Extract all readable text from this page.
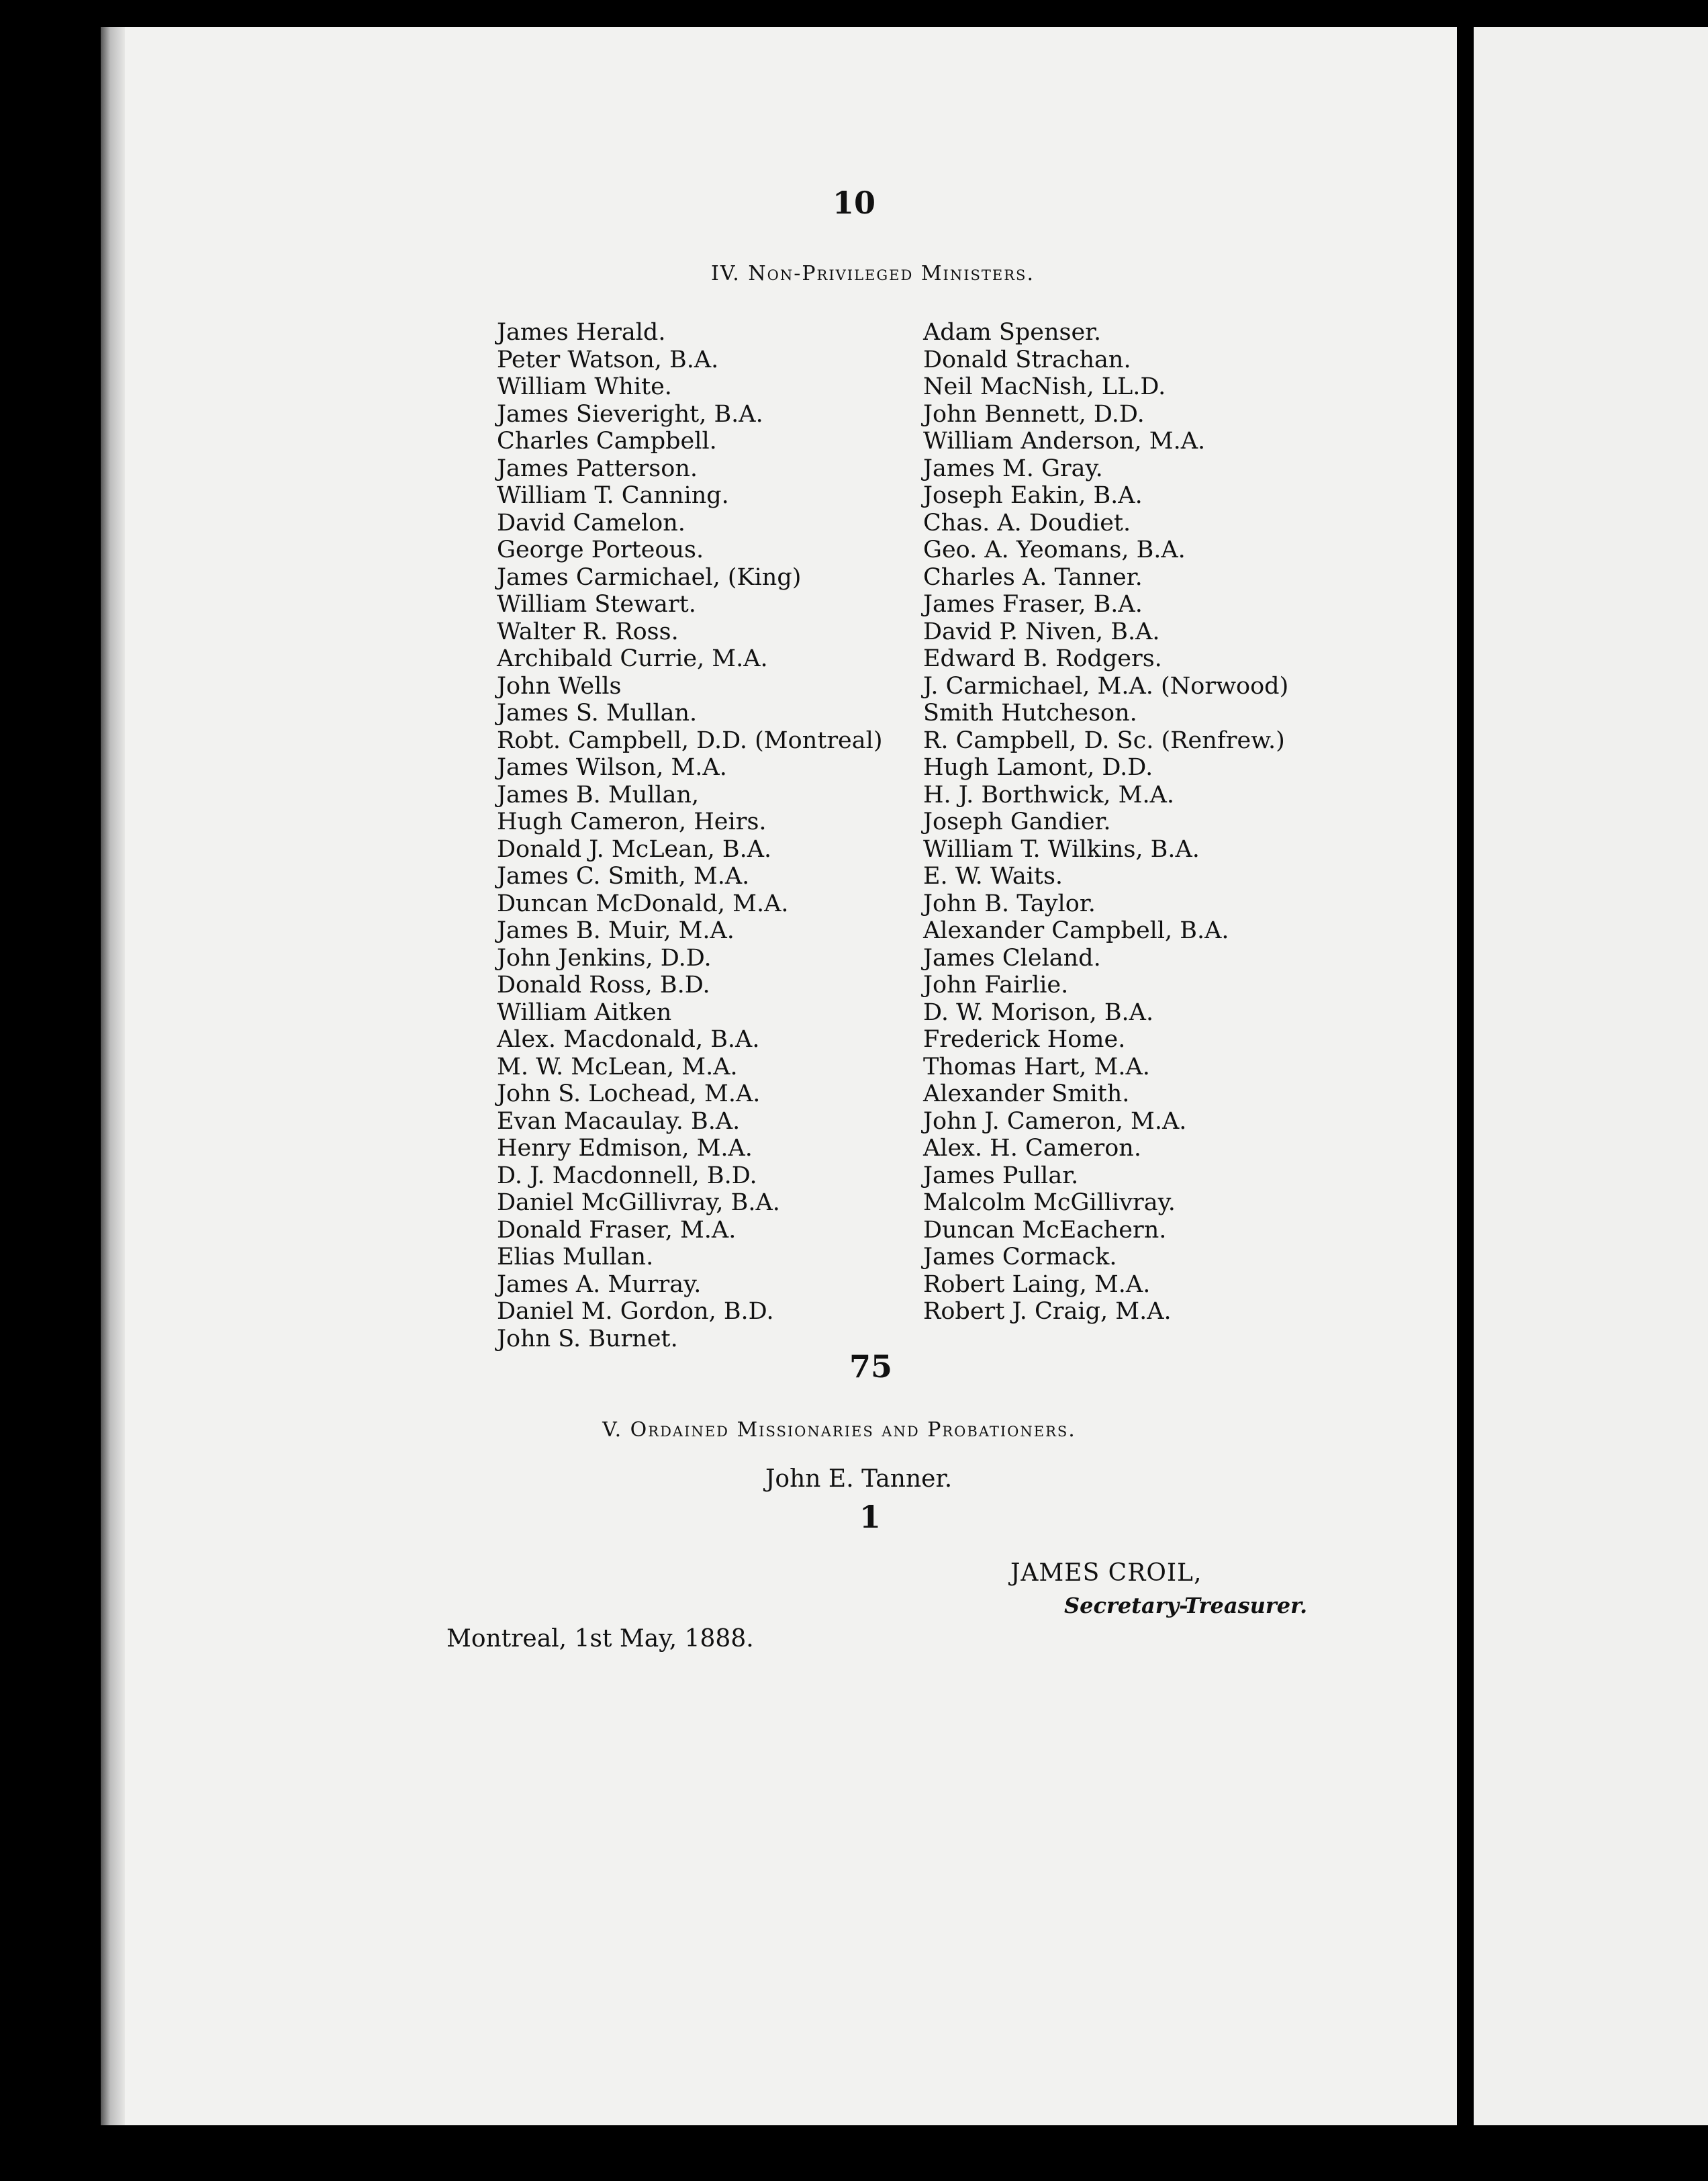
10
IV. Non-Privileged Ministers.
James Herald.
Peter Watson, B.A.
William White.
James Sieveright, B.A.
Charles Campbell.
James Patterson.
William T. Canning.
David Camelon.
George Porteous.
James Carmichael, (King)
William Stewart.
Walter R. Ross.
Archibald Currie, M.A.
John Wells
James S. Mullan.
Robt. Campbell, D.D. (Montreal)
James Wilson, M.A.
James B. Mullan,
Hugh Cameron, Heirs.
Donald J. McLean, B.A.
James C. Smith, M.A.
Duncan McDonald, M.A.
James B. Muir, M.A.
John Jenkins, D.D.
Donald Ross, B.D.
William Aitken
Alex. Macdonald, B.A.
M. W. McLean, M.A.
John S. Lochead, M.A.
Evan Macaulay. B.A.
Henry Edmison, M.A.
D. J. Macdonnell, B.D.
Daniel McGillivray, B.A.
Donald Fraser, M.A.
Elias Mullan.
James A. Murray.
Daniel M. Gordon, B.D.
John S. Burnet.
Adam Spenser.
Donald Strachan.
Neil MacNish, LL.D.
John Bennett, D.D.
William Anderson, M.A.
James M. Gray.
Joseph Eakin, B.A.
Chas. A. Doudiet.
Geo. A. Yeomans, B.A.
Charles A. Tanner.
James Fraser, B.A.
David P. Niven, B.A.
Edward B. Rodgers.
J. Carmichael, M.A. (Norwood)
Smith Hutcheson.
R. Campbell, D. Sc. (Renfrew.)
Hugh Lamont, D.D.
H. J. Borthwick, M.A.
Joseph Gandier.
William T. Wilkins, B.A.
E. W. Waits.
John B. Taylor.
Alexander Campbell, B.A.
James Cleland.
John Fairlie.
D. W. Morison, B.A.
Frederick Home.
Thomas Hart, M.A.
Alexander Smith.
John J. Cameron, M.A.
Alex. H. Cameron.
James Pullar.
Malcolm McGillivray.
Duncan McEachern.
James Cormack.
Robert Laing, M.A.
Robert J. Craig, M.A.
75
V. Ordained Missionaries and Probationers.
John E. Tanner.
1
JAMES CROIL,
Secretary-Treasurer.
Montreal, 1st May, 1888.
